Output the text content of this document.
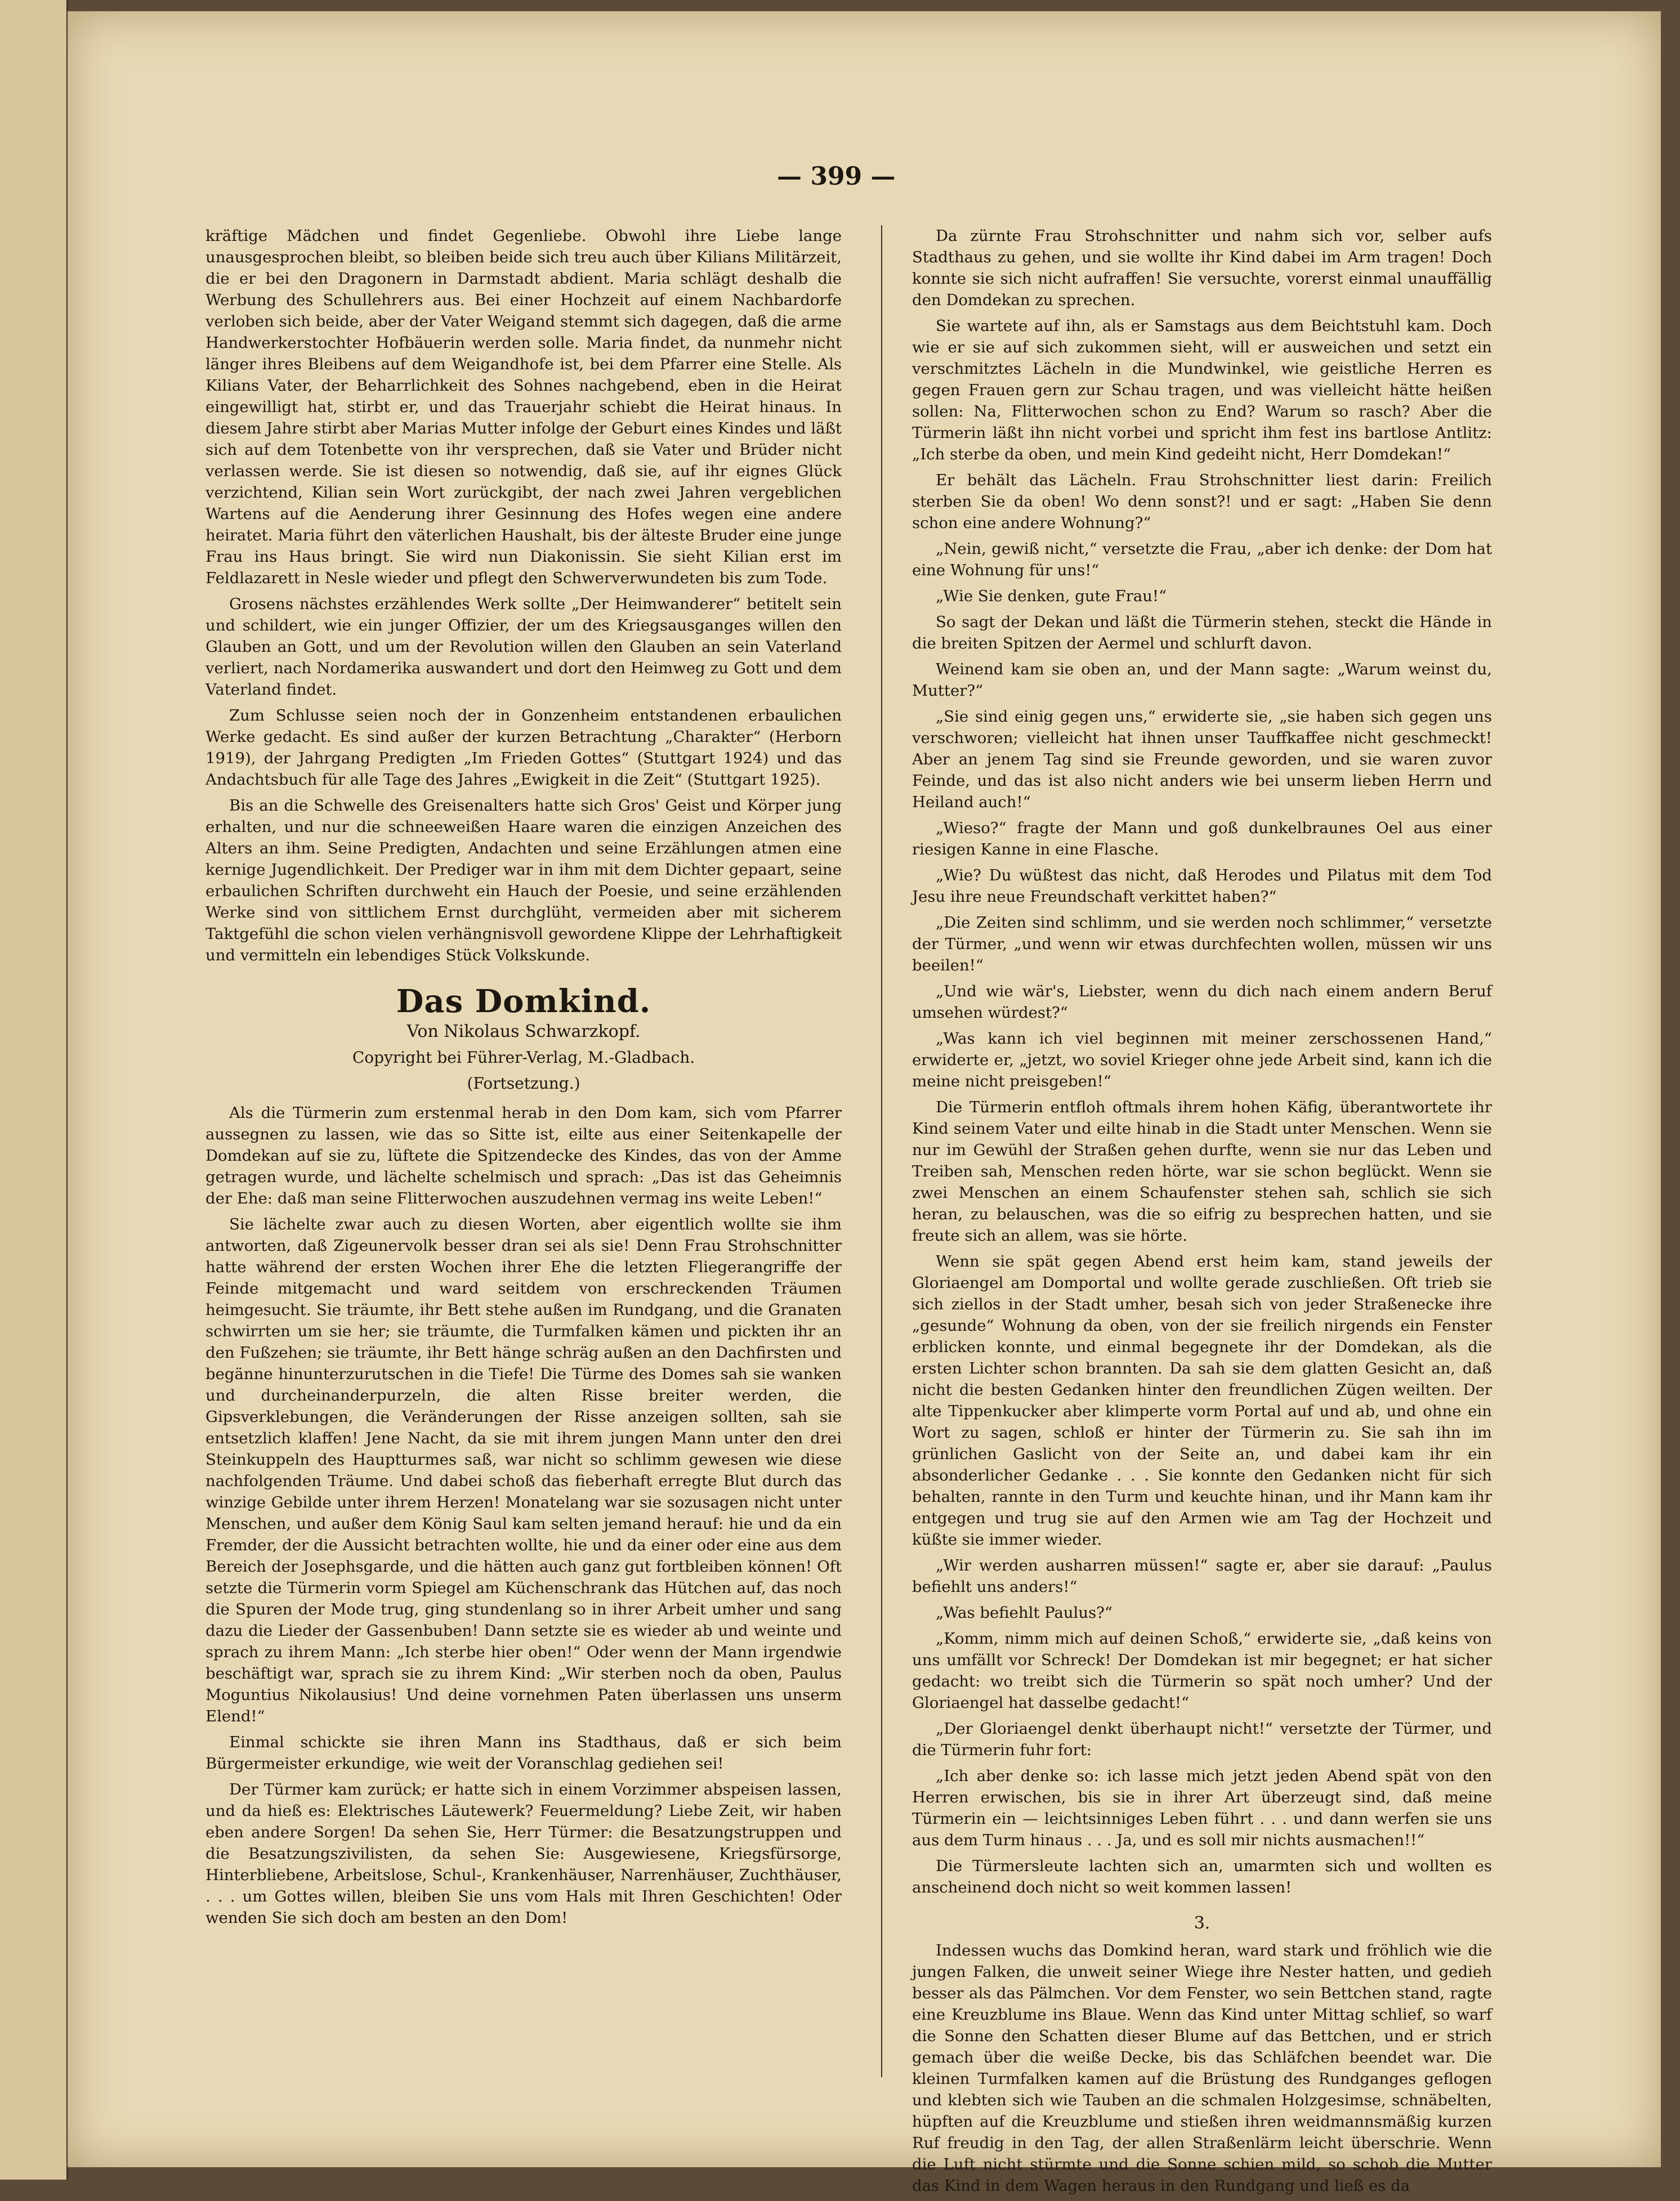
— 399 —

kräftige Mädchen und findet Gegenliebe. Obwohl ihre Liebe lange unausgesprochen bleibt, so bleiben beide sich treu auch über Kilians Militärzeit, die er bei den Dragonern in Darmstadt abdient. Maria schlägt deshalb die Werbung des Schullehrers aus. Bei einer Hochzeit auf einem Nachbardorfe verloben sich beide, aber der Vater Weigand stemmt sich dagegen, daß die arme Handwerkerstochter Hofbäuerin werden solle. Maria findet, da nunmehr nicht länger ihres Bleibens auf dem Weigandhofe ist, bei dem Pfarrer eine Stelle. Als Kilians Vater, der Beharrlichkeit des Sohnes nachgebend, eben in die Heirat eingewilligt hat, stirbt er, und das Trauerjahr schiebt die Heirat hinaus. In diesem Jahre stirbt aber Marias Mutter infolge der Geburt eines Kindes und läßt sich auf dem Totenbette von ihr versprechen, daß sie Vater und Brüder nicht verlassen werde. Sie ist diesen so notwendig, daß sie, auf ihr eignes Glück verzichtend, Kilian sein Wort zurückgibt, der nach zwei Jahren vergeblichen Wartens auf die Aenderung ihrer Gesinnung des Hofes wegen eine andere heiratet. Maria führt den väterlichen Haushalt, bis der älteste Bruder eine junge Frau ins Haus bringt. Sie wird nun Diakonissin. Sie sieht Kilian erst im Feldlazarett in Nesle wieder und pflegt den Schwerverwundeten bis zum Tode.

Grosens nächstes erzählendes Werk sollte „Der Heimwanderer“ betitelt sein und schildert, wie ein junger Offizier, der um des Kriegsausganges willen den Glauben an Gott, und um der Revolution willen den Glauben an sein Vaterland verliert, nach Nordamerika auswandert und dort den Heimweg zu Gott und dem Vaterland findet.

Zum Schlusse seien noch der in Gonzenheim entstandenen erbaulichen Werke gedacht. Es sind außer der kurzen Betrachtung „Charakter“ (Herborn 1919), der Jahrgang Predigten „Im Frieden Gottes“ (Stuttgart 1924) und das Andachtsbuch für alle Tage des Jahres „Ewigkeit in die Zeit“ (Stuttgart 1925).

Bis an die Schwelle des Greisenalters hatte sich Gros' Geist und Körper jung erhalten, und nur die schneeweißen Haare waren die einzigen Anzeichen des Alters an ihm. Seine Predigten, Andachten und seine Erzählungen atmen eine kernige Jugendlichkeit. Der Prediger war in ihm mit dem Dichter gepaart, seine erbaulichen Schriften durchweht ein Hauch der Poesie, und seine erzählenden Werke sind von sittlichem Ernst durchglüht, vermeiden aber mit sicherem Taktgefühl die schon vielen verhängnisvoll gewordene Klippe der Lehrhaftigkeit und vermitteln ein lebendiges Stück Volkskunde.

Das Domkind.
Von Nikolaus Schwarzkopf.
Copyright bei Führer-Verlag, M.-Gladbach.
(Fortsetzung.)

Als die Türmerin zum erstenmal herab in den Dom kam, sich vom Pfarrer aussegnen zu lassen, wie das so Sitte ist, eilte aus einer Seitenkapelle der Domdekan auf sie zu, lüftete die Spitzendecke des Kindes, das von der Amme getragen wurde, und lächelte schelmisch und sprach: „Das ist das Geheimnis der Ehe: daß man seine Flitterwochen auszudehnen vermag ins weite Leben!“

Sie lächelte zwar auch zu diesen Worten, aber eigentlich wollte sie ihm antworten, daß Zigeunervolk besser dran sei als sie! Denn Frau Strohschnitter hatte während der ersten Wochen ihrer Ehe die letzten Fliegerangriffe der Feinde mitgemacht und ward seitdem von erschreckenden Träumen heimgesucht. Sie träumte, ihr Bett stehe außen im Rundgang, und die Granaten schwirrten um sie her; sie träumte, die Turmfalken kämen und pickten ihr an den Fußzehen; sie träumte, ihr Bett hänge schräg außen an den Dachfirsten und begänne hinunterzurutschen in die Tiefe! Die Türme des Domes sah sie wanken und durcheinanderpurzeln, die alten Risse breiter werden, die Gipsverklebungen, die Veränderungen der Risse anzeigen sollten, sah sie entsetzlich klaffen! Jene Nacht, da sie mit ihrem jungen Mann unter den drei Steinkuppeln des Hauptturmes saß, war nicht so schlimm gewesen wie diese nachfolgenden Träume. Und dabei schoß das fieberhaft erregte Blut durch das winzige Gebilde unter ihrem Herzen! Monatelang war sie sozusagen nicht unter Menschen, und außer dem König Saul kam selten jemand herauf: hie und da ein Fremder, der die Aussicht betrachten wollte, hie und da einer oder eine aus dem Bereich der Josephsgarde, und die hätten auch ganz gut fortbleiben können! Oft setzte die Türmerin vorm Spiegel am Küchenschrank das Hütchen auf, das noch die Spuren der Mode trug, ging stundenlang so in ihrer Arbeit umher und sang dazu die Lieder der Gassenbuben! Dann setzte sie es wieder ab und weinte und sprach zu ihrem Mann: „Ich sterbe hier oben!“ Oder wenn der Mann irgendwie beschäftigt war, sprach sie zu ihrem Kind: „Wir sterben noch da oben, Paulus Moguntius Nikolausius! Und deine vornehmen Paten überlassen uns unserm Elend!“

Einmal schickte sie ihren Mann ins Stadthaus, daß er sich beim Bürgermeister erkundige, wie weit der Voranschlag gediehen sei!

Der Türmer kam zurück; er hatte sich in einem Vorzimmer abspeisen lassen, und da hieß es: Elektrisches Läutewerk? Feuermeldung? Liebe Zeit, wir haben eben andere Sorgen! Da sehen Sie, Herr Türmer: die Besatzungstruppen und die Besatzungszivilisten, da sehen Sie: Ausgewiesene, Kriegsfürsorge, Hinterbliebene, Arbeitslose, Schul-, Krankenhäuser, Narrenhäuser, Zuchthäuser, . . . um Gottes willen, bleiben Sie uns vom Hals mit Ihren Geschichten! Oder wenden Sie sich doch am besten an den Dom!

Da zürnte Frau Strohschnitter und nahm sich vor, selber aufs Stadthaus zu gehen, und sie wollte ihr Kind dabei im Arm tragen! Doch konnte sie sich nicht aufraffen! Sie versuchte, vorerst einmal unauffällig den Domdekan zu sprechen.

Sie wartete auf ihn, als er Samstags aus dem Beichtstuhl kam. Doch wie er sie auf sich zukommen sieht, will er ausweichen und setzt ein verschmitztes Lächeln in die Mundwinkel, wie geistliche Herren es gegen Frauen gern zur Schau tragen, und was vielleicht hätte heißen sollen: Na, Flitterwochen schon zu End? Warum so rasch? Aber die Türmerin läßt ihn nicht vorbei und spricht ihm fest ins bartlose Antlitz: „Ich sterbe da oben, und mein Kind gedeiht nicht, Herr Domdekan!“

Er behält das Lächeln. Frau Strohschnitter liest darin: Freilich sterben Sie da oben! Wo denn sonst?! und er sagt: „Haben Sie denn schon eine andere Wohnung?“

„Nein, gewiß nicht,“ versetzte die Frau, „aber ich denke: der Dom hat eine Wohnung für uns!“

„Wie Sie denken, gute Frau!“

So sagt der Dekan und läßt die Türmerin stehen, steckt die Hände in die breiten Spitzen der Aermel und schlurft davon.

Weinend kam sie oben an, und der Mann sagte: „Warum weinst du, Mutter?“

„Sie sind einig gegen uns,“ erwiderte sie, „sie haben sich gegen uns verschworen; vielleicht hat ihnen unser Tauffkaffee nicht geschmeckt! Aber an jenem Tag sind sie Freunde geworden, und sie waren zuvor Feinde, und das ist also nicht anders wie bei unserm lieben Herrn und Heiland auch!“

„Wieso?“ fragte der Mann und goß dunkelbraunes Oel aus einer riesigen Kanne in eine Flasche.

„Wie? Du wüßtest das nicht, daß Herodes und Pilatus mit dem Tod Jesu ihre neue Freundschaft verkittet haben?“

„Die Zeiten sind schlimm, und sie werden noch schlimmer,“ versetzte der Türmer, „und wenn wir etwas durchfechten wollen, müssen wir uns beeilen!“

„Und wie wär's, Liebster, wenn du dich nach einem andern Beruf umsehen würdest?“

„Was kann ich viel beginnen mit meiner zerschossenen Hand,“ erwiderte er, „jetzt, wo soviel Krieger ohne jede Arbeit sind, kann ich die meine nicht preisgeben!“

Die Türmerin entfloh oftmals ihrem hohen Käfig, überantwortete ihr Kind seinem Vater und eilte hinab in die Stadt unter Menschen. Wenn sie nur im Gewühl der Straßen gehen durfte, wenn sie nur das Leben und Treiben sah, Menschen reden hörte, war sie schon beglückt. Wenn sie zwei Menschen an einem Schaufenster stehen sah, schlich sie sich heran, zu belauschen, was die so eifrig zu besprechen hatten, und sie freute sich an allem, was sie hörte.

Wenn sie spät gegen Abend erst heim kam, stand jeweils der Gloriaengel am Domportal und wollte gerade zuschließen. Oft trieb sie sich ziellos in der Stadt umher, besah sich von jeder Straßenecke ihre „gesunde“ Wohnung da oben, von der sie freilich nirgends ein Fenster erblicken konnte, und einmal begegnete ihr der Domdekan, als die ersten Lichter schon brannten. Da sah sie dem glatten Gesicht an, daß nicht die besten Gedanken hinter den freundlichen Zügen weilten. Der alte Tippenkucker aber klimperte vorm Portal auf und ab, und ohne ein Wort zu sagen, schloß er hinter der Türmerin zu. Sie sah ihn im grünlichen Gaslicht von der Seite an, und dabei kam ihr ein absonderlicher Gedanke . . . Sie konnte den Gedanken nicht für sich behalten, rannte in den Turm und keuchte hinan, und ihr Mann kam ihr entgegen und trug sie auf den Armen wie am Tag der Hochzeit und küßte sie immer wieder.

„Wir werden ausharren müssen!“ sagte er, aber sie darauf: „Paulus befiehlt uns anders!“

„Was befiehlt Paulus?“

„Komm, nimm mich auf deinen Schoß,“ erwiderte sie, „daß keins von uns umfällt vor Schreck! Der Domdekan ist mir begegnet; er hat sicher gedacht: wo treibt sich die Türmerin so spät noch umher? Und der Gloriaengel hat dasselbe gedacht!“

„Der Gloriaengel denkt überhaupt nicht!“ versetzte der Türmer, und die Türmerin fuhr fort:

„Ich aber denke so: ich lasse mich jetzt jeden Abend spät von den Herren erwischen, bis sie in ihrer Art überzeugt sind, daß meine Türmerin ein — leichtsinniges Leben führt . . . und dann werfen sie uns aus dem Turm hinaus . . . Ja, und es soll mir nichts ausmachen!!“

Die Türmersleute lachten sich an, umarmten sich und wollten es anscheinend doch nicht so weit kommen lassen!

3.

Indessen wuchs das Domkind heran, ward stark und fröhlich wie die jungen Falken, die unweit seiner Wiege ihre Nester hatten, und gedieh besser als das Pälmchen. Vor dem Fenster, wo sein Bettchen stand, ragte eine Kreuzblume ins Blaue. Wenn das Kind unter Mittag schlief, so warf die Sonne den Schatten dieser Blume auf das Bettchen, und er strich gemach über die weiße Decke, bis das Schläfchen beendet war. Die kleinen Turmfalken kamen auf die Brüstung des Rundganges geflogen und klebten sich wie Tauben an die schmalen Holzgesimse, schnäbelten, hüpften auf die Kreuzblume und stießen ihren weidmannsmäßig kurzen Ruf freudig in den Tag, der allen Straßenlärm leicht überschrie. Wenn die Luft nicht stürmte und die Sonne schien mild, so schob die Mutter das Kind in dem Wagen heraus in den Rundgang und ließ es da
